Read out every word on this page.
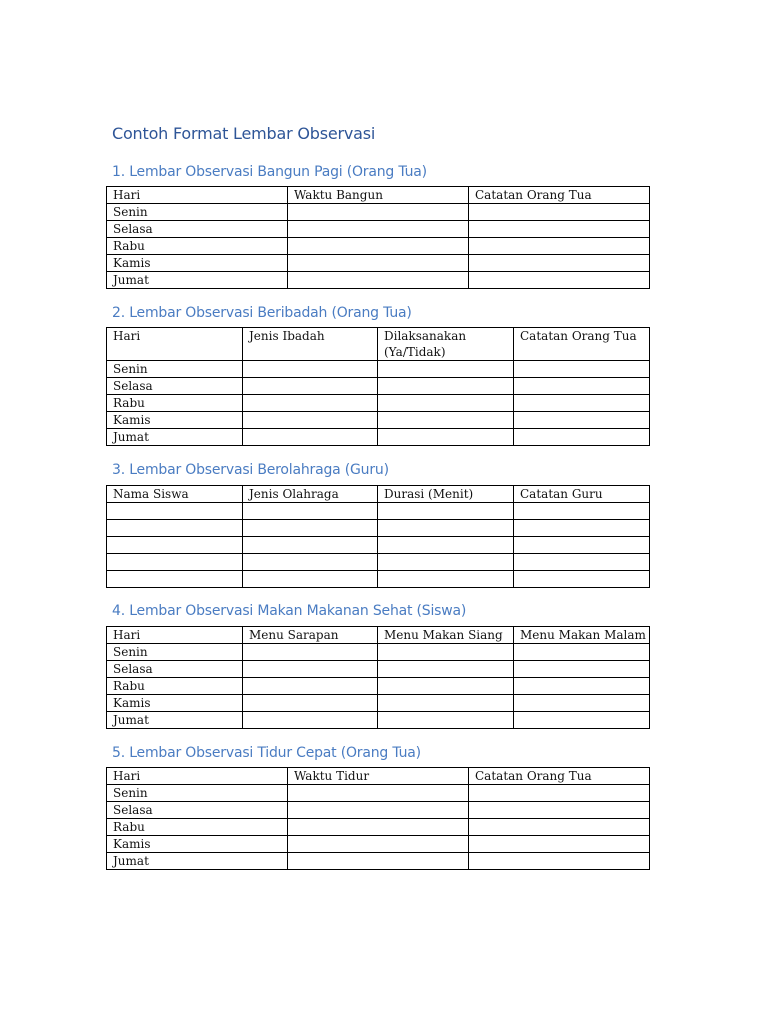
Contoh Format Lembar Observasi
1. Lembar Observasi Bangun Pagi (Orang Tua)
Hari	Waktu Bangun	Catatan Orang Tua
Senin		
Selasa		
Rabu		
Kamis		
Jumat		
2. Lembar Observasi Beribadah (Orang Tua)
Hari	Jenis Ibadah	Dilaksanakan (Ya/Tidak)	Catatan Orang Tua
Senin			
Selasa			
Rabu			
Kamis			
Jumat			
3. Lembar Observasi Berolahraga (Guru)
Nama Siswa	Jenis Olahraga	Durasi (Menit)	Catatan Guru

4. Lembar Observasi Makan Makanan Sehat (Siswa)
Hari	Menu Sarapan	Menu Makan Siang	Menu Makan Malam
Senin			
Selasa			
Rabu			
Kamis			
Jumat			
5. Lembar Observasi Tidur Cepat (Orang Tua)
Hari	Waktu Tidur	Catatan Orang Tua
Senin		
Selasa		
Rabu		
Kamis		
Jumat		
